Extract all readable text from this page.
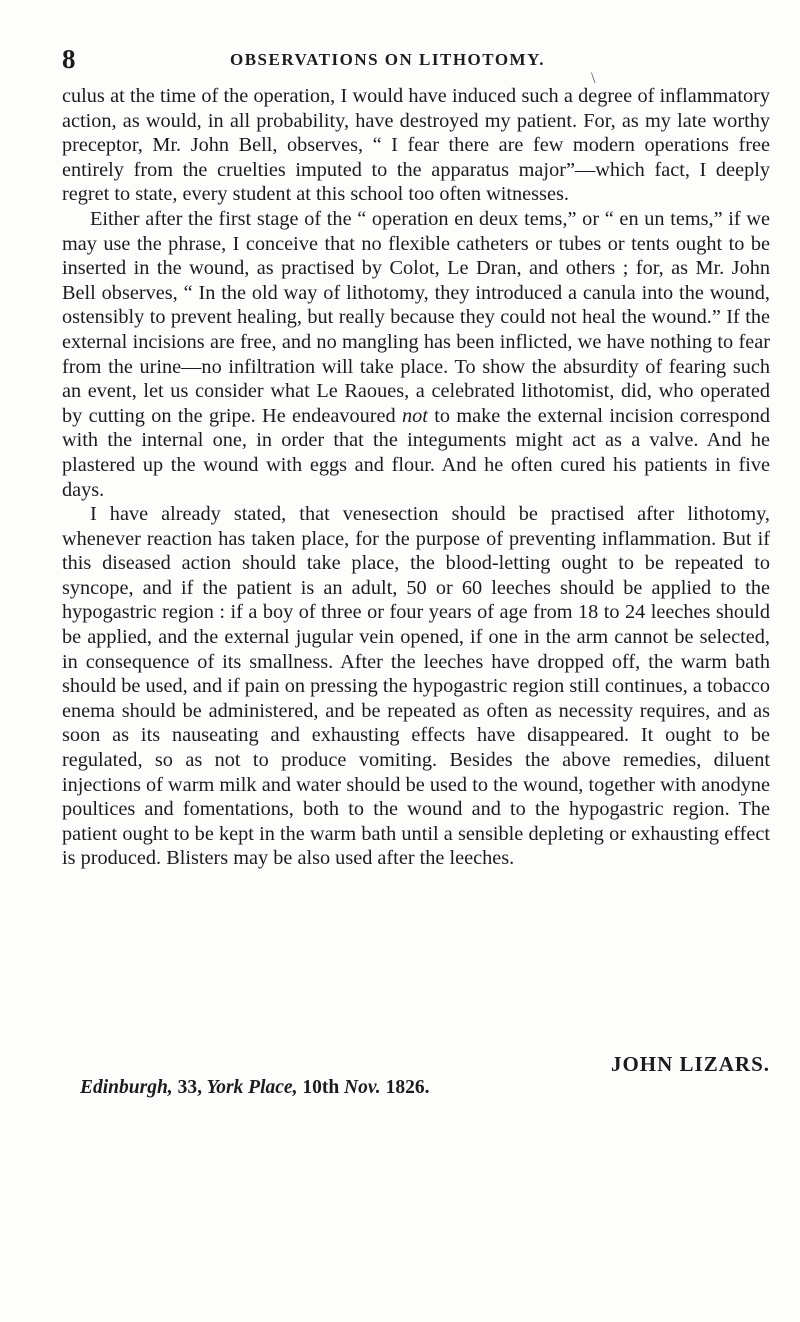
8	OBSERVATIONS ON LITHOTOMY.
\

culus at the time of the operation, I would have induced such a degree of inflammatory action, as would, in all probability, have destroyed my patient. For, as my late worthy preceptor, Mr. John Bell, observes, “ I fear there are few modern operations free entirely from the cruelties imputed to the apparatus major”—which fact, I deeply regret to state, every student at this school too often witnesses.

Either after the first stage of the “ operation en deux tems,” or “ en un tems,” if we may use the phrase, I conceive that no flexible catheters or tubes or tents ought to be inserted in the wound, as practised by Colot, Le Dran, and others ; for, as Mr. John Bell observes, “ In the old way of lithotomy, they introduced a canula into the wound, ostensibly to prevent healing, but really because they could not heal the wound.” If the external incisions are free, and no mangling has been inflicted, we have nothing to fear from the urine—no infiltration will take place. To show the absurdity of fearing such an event, let us consider what Le Raoues, a celebrated lithotomist, did, who operated by cutting on the gripe. He endeavoured not to make the external incision correspond with the internal one, in order that the integuments might act as a valve. And he plastered up the wound with eggs and flour. And he often cured his patients in five days.

I have already stated, that venesection should be practised after lithotomy, whenever reaction has taken place, for the purpose of preventing inflammation. But if this diseased action should take place, the blood-letting ought to be repeated to syncope, and if the patient is an adult, 50 or 60 leeches should be applied to the hypogastric region : if a boy of three or four years of age from 18 to 24 leeches should be applied, and the external jugular vein opened, if one in the arm cannot be selected, in consequence of its smallness. After the leeches have dropped off, the warm bath should be used, and if pain on pressing the hypogastric region still continues, a tobacco enema should be administered, and be repeated as often as necessity requires, and as soon as its nauseating and exhausting effects have disappeared. It ought to be regulated, so as not to produce vomiting. Besides the above remedies, diluent injections of warm milk and water should be used to the wound, together with anodyne poultices and fomentations, both to the wound and to the hypogastric region. The patient ought to be kept in the warm bath until a sensible depleting or exhausting effect is produced. Blisters may be also used after the leeches.

JOHN LIZARS.
Edinburgh, 33, York Place, 10th Nov. 1826.
